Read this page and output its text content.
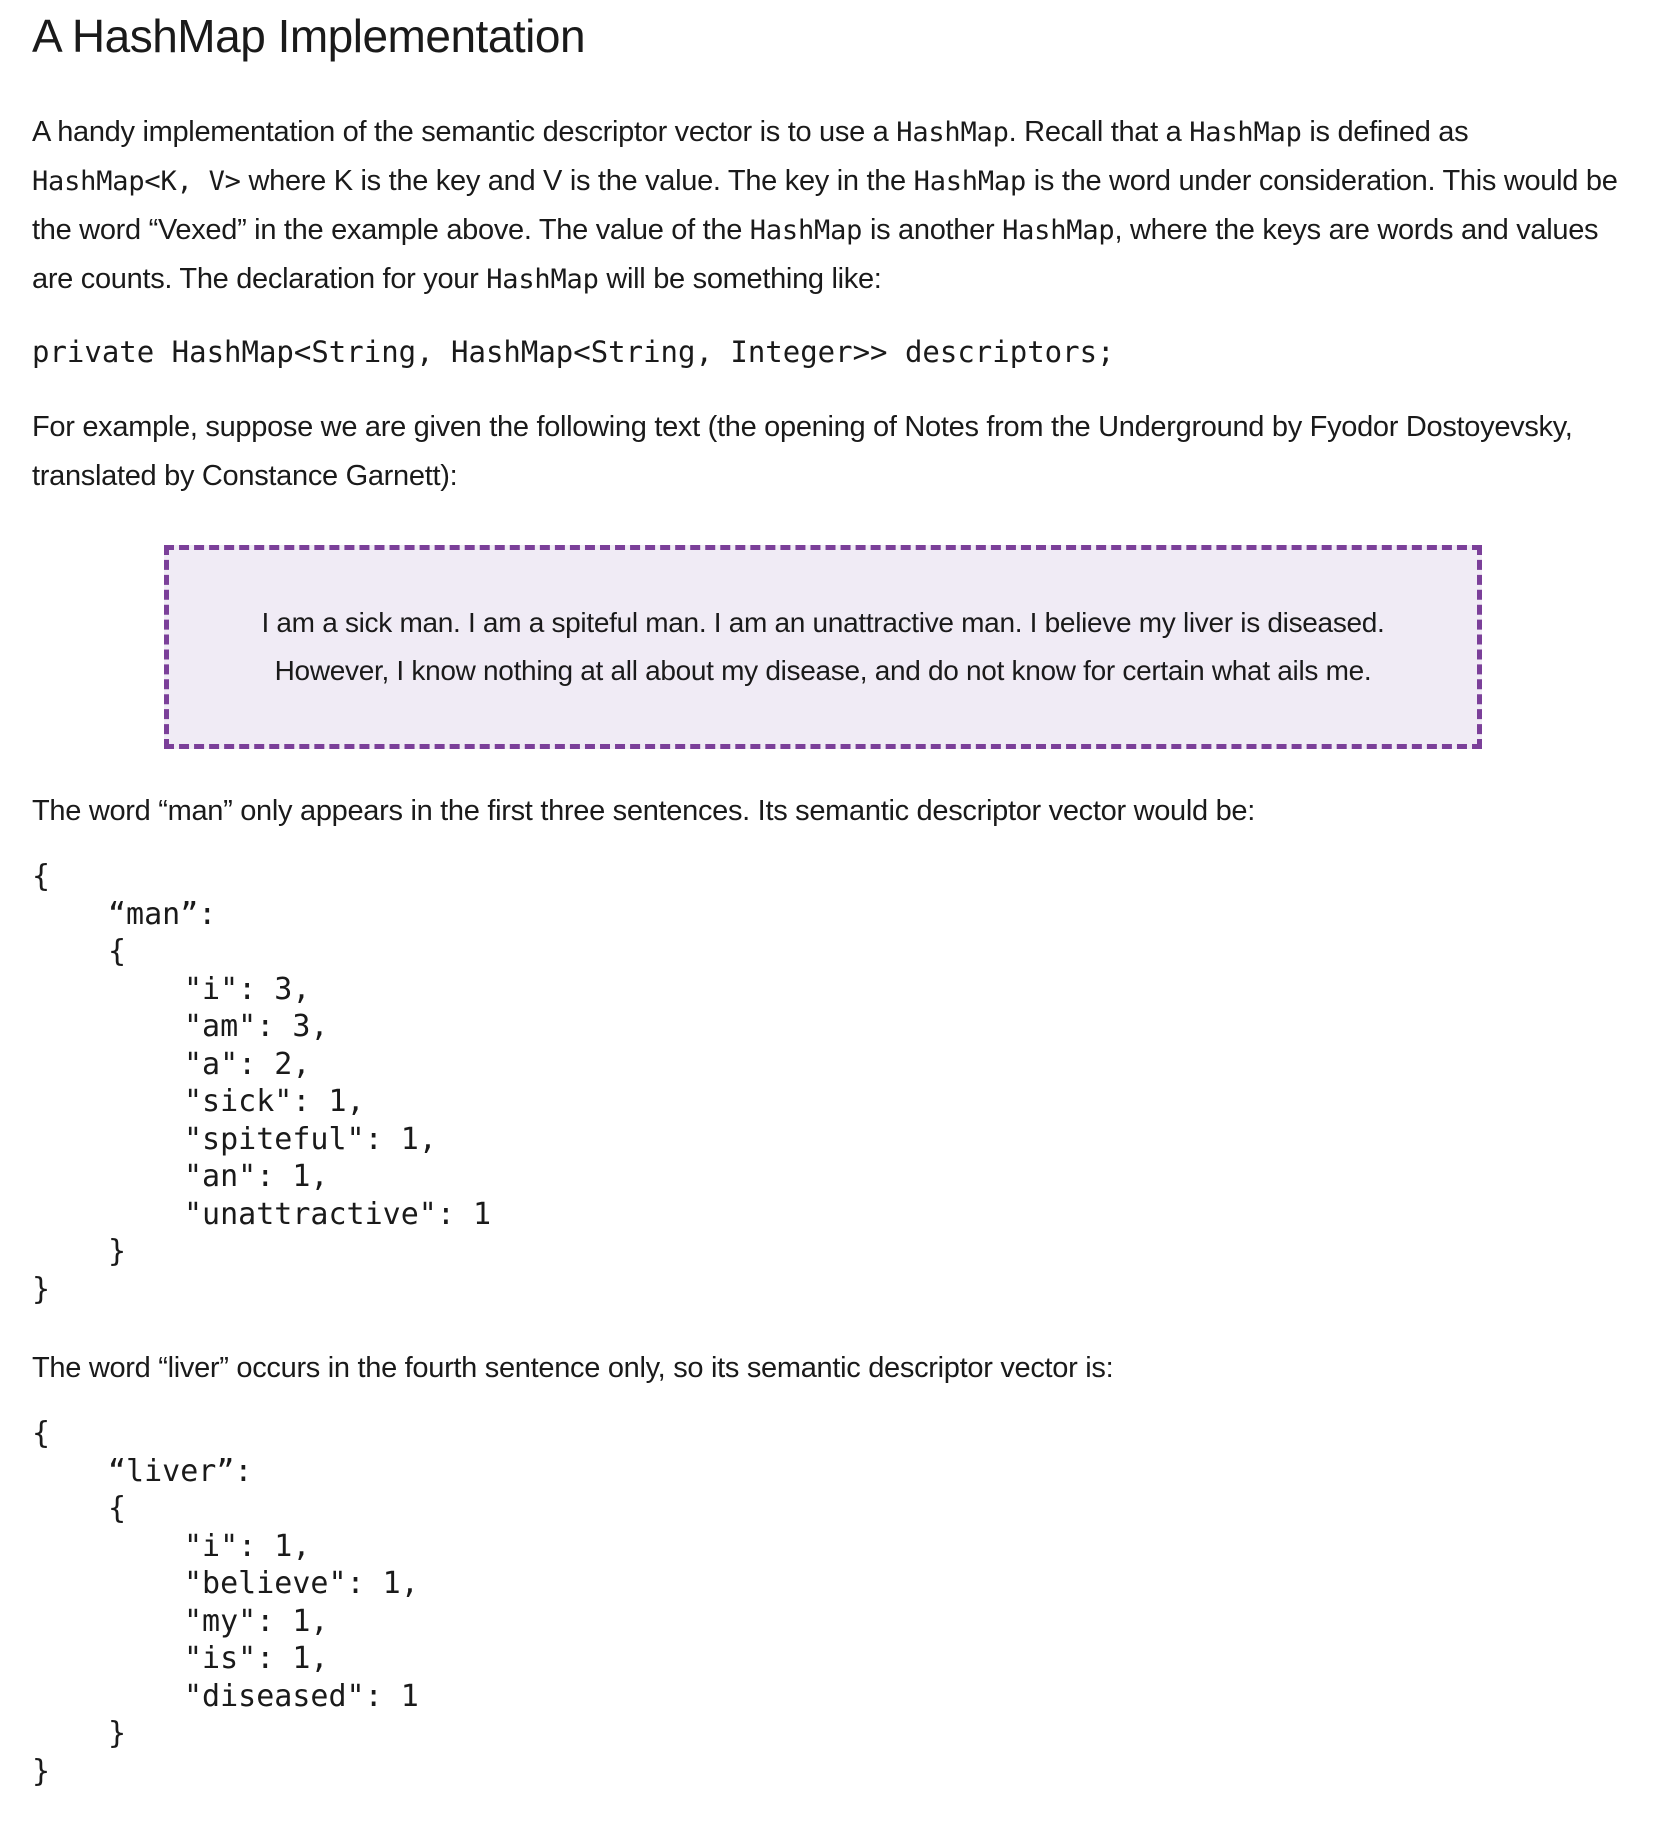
A HashMap Implementation

A handy implementation of the semantic descriptor vector is to use a HashMap. Recall that a HashMap is defined as HashMap<K, V> where K is the key and V is the value. The key in the HashMap is the word under consideration. This would be the word “Vexed” in the example above. The value of the HashMap is another HashMap, where the keys are words and values are counts. The declaration for your HashMap will be something like:

private HashMap<String, HashMap<String, Integer>> descriptors;

For example, suppose we are given the following text (the opening of Notes from the Underground by Fyodor Dostoyevsky, translated by Constance Garnett):

I am a sick man. I am a spiteful man. I am an unattractive man. I believe my liver is diseased.
However, I know nothing at all about my disease, and do not know for certain what ails me.

The word “man” only appears in the first three sentences. Its semantic descriptor vector would be:

{
“man”:
{
"i": 3,
"am": 3,
"a": 2,
"sick": 1,
"spiteful": 1,
"an": 1,
"unattractive": 1
}
}

The word “liver” occurs in the fourth sentence only, so its semantic descriptor vector is:

{
“liver”:
{
"i": 1,
"believe": 1,
"my": 1,
"is": 1,
"diseased": 1
}
}
